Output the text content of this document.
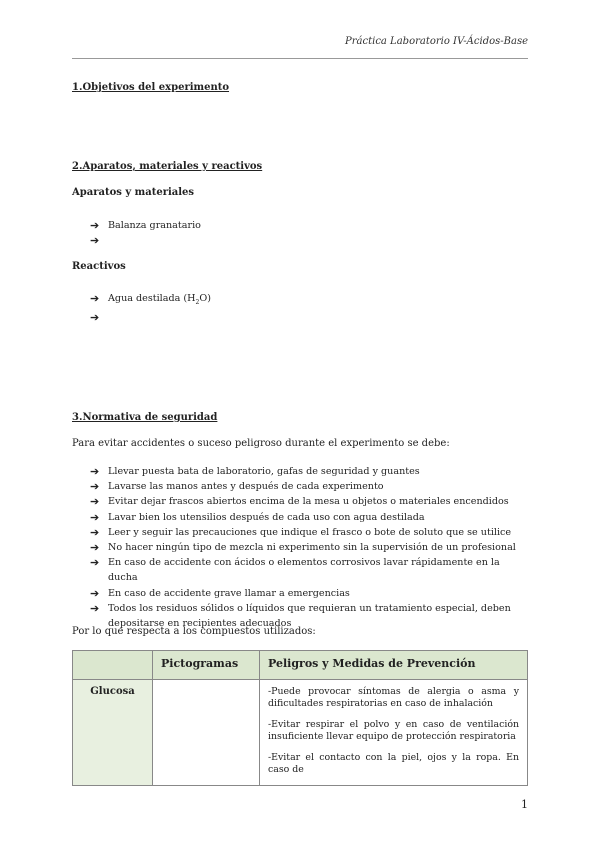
Práctica Laboratorio IV-Ácidos-Base
1.Objetivos del experimento
2.Aparatos, materiales y reactivos
Aparatos y materiales
➔ Balanza granatario
➔
Reactivos
➔ Agua destilada $(H_2O)$
➔
3.Normativa de seguridad
Para evitar accidentes o suceso peligroso durante el experimento se debe:
➔ Llevar puesta bata de laboratorio, gafas de seguridad y guantes
➔ Lavarse las manos antes y después de cada experimento
➔ Evitar dejar frascos abiertos encima de la mesa u objetos o materiales encendidos
➔ Lavar bien los utensilios después de cada uso con agua destilada
➔ Leer y seguir las precauciones que indique el frasco o bote de soluto que se utilice
➔ No hacer ningún tipo de mezcla ni experimento sin la supervisión de un profesional
➔ En caso de accidente con ácidos o elementos corrosivos lavar rápidamente en la ducha
➔ En caso de accidente grave llamar a emergencias
➔ Todos los residuos sólidos o líquidos que requieran un tratamiento especial, deben depositarse en recipientes adecuados
Por lo que respecta a los compuestos utilizados:
	Pictogramas	Peligros y Medidas de Prevención
Glucosa		-Puede provocar síntomas de alergia o asma y dificultades respiratorias en caso de inhalación

-Evitar respirar el polvo y en caso de ventilación insuficiente llevar equipo de protección respiratoria

-Evitar el contacto con la piel, ojos y la ropa. En caso de

1
